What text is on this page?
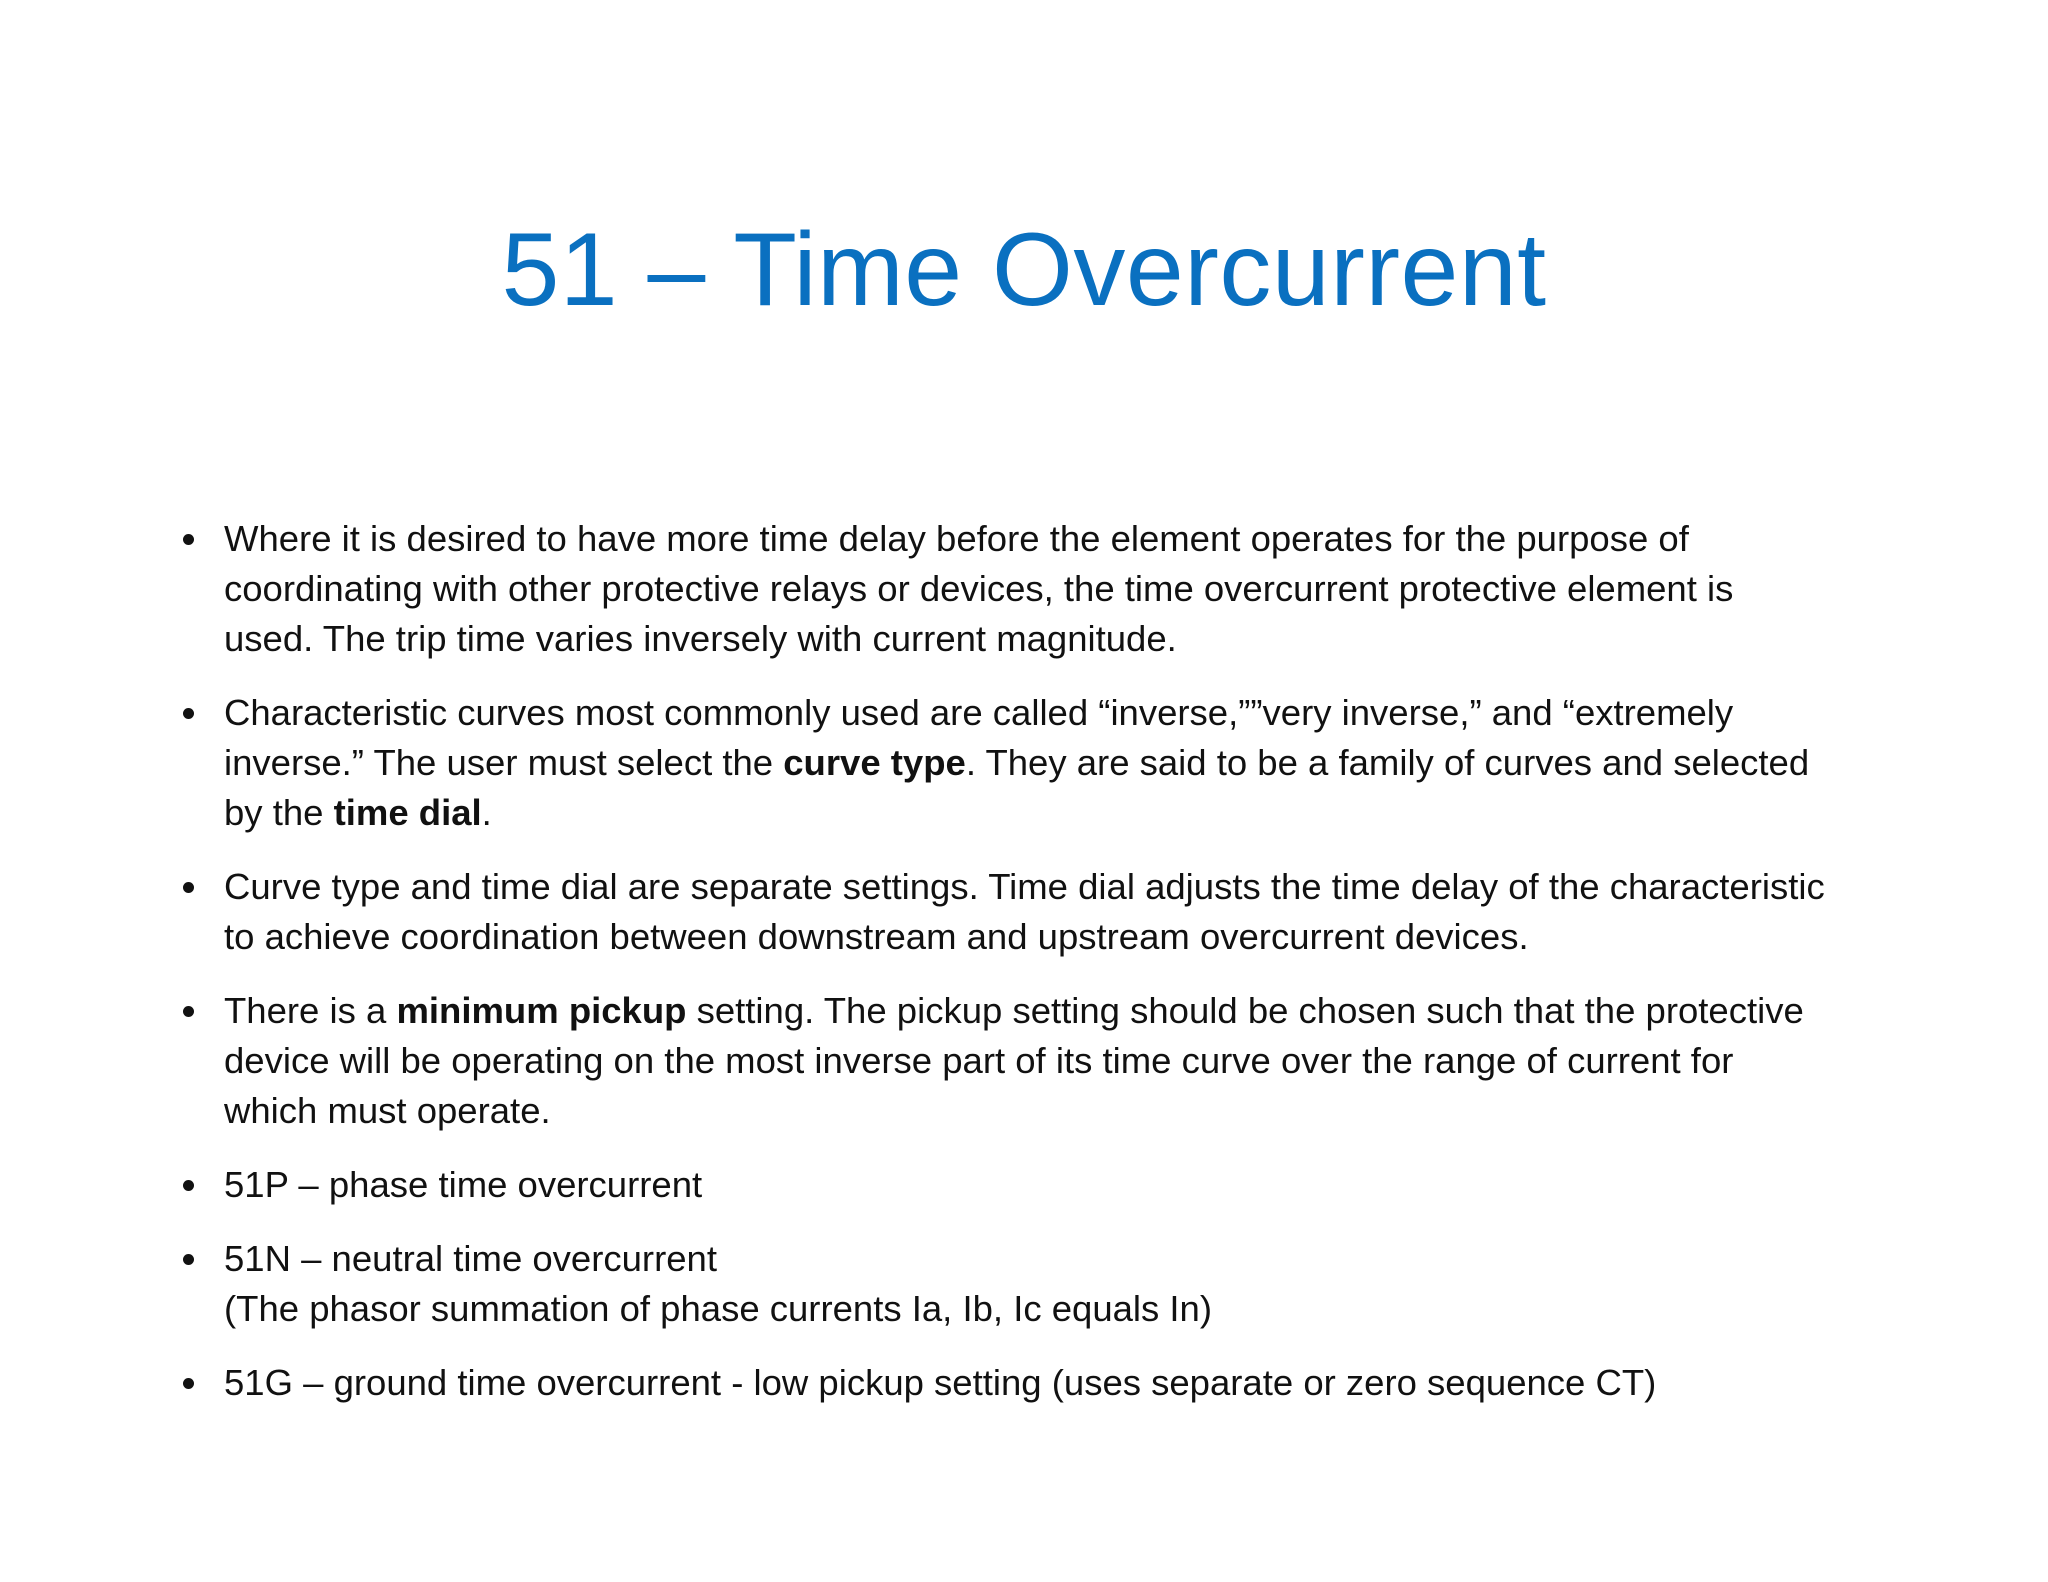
51 – Time Overcurrent
Where it is desired to have more time delay before the element operates for the purpose of
coordinating with other protective relays or devices, the time overcurrent protective element is
used. The trip time varies inversely with current magnitude.
Characteristic curves most commonly used are called “inverse,””very inverse,” and “extremely
inverse.” The user must select the curve type. They are said to be a family of curves and selected
by the time dial.
Curve type and time dial are separate settings. Time dial adjusts the time delay of the characteristic
to achieve coordination between downstream and upstream overcurrent devices.
There is a minimum pickup setting. The pickup setting should be chosen such that the protective
device will be operating on the most inverse part of its time curve over the range of current for
which must operate.
51P – phase time overcurrent
51N – neutral time overcurrent
(The phasor summation of phase currents Ia, Ib, Ic equals In)
51G – ground time overcurrent - low pickup setting (uses separate or zero sequence CT)
